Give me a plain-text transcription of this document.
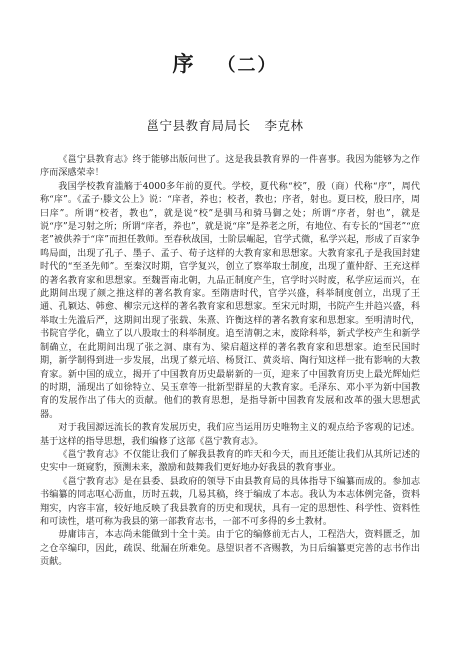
序 （二）
邕宁县教育局局长 李克林

《邕宁县教育志》终于能够出版问世了。这是我县教育界的一件喜事。我因为能够为之作序而深感荣幸！

我国学校教育滥觞于4000多年前的夏代。学校，夏代称“校”，殷（商）代称“序”，周代称“庠”。《孟子·滕文公上》说：“庠者，养也；校者，教也；序者，射也。夏曰校，殷曰序，周曰庠”。所谓“校者，教也”，就是说“校”是驯马和骑马御之处；所谓“序者，射也”，就是说“序”是习射之所；所谓“庠者，养也”，就是说“庠”是养老之所，有地位、有专长的“国老”“庶老”被供养于“庠”而担任教师。至春秋战国，士阶层崛起，官学式微，私学兴起，形成了百家争鸣局面，出现了孔子、墨子、孟子、荀子这样的大教育家和思想家。大教育家孔子是我国封建时代的“至圣先师”。至秦汉时期，官学复兴，创立了察举取士制度，出现了董仲舒、王充这样的著名教育家和思想家。至魏晋南北朝，九品正制度产生，官学时兴时废，私学应运而兴，在此期间出现了颜之推这样的著名教育家。至隋唐时代，官学兴盛，科举制度创立，出现了王通、孔颖达、韩愈、柳宗元这样的著名教育家和思想家。至宋元时期，书院产生并趋兴盛，科举取士先滥后严，这期间出现了张载、朱熹、许衡这样的著名教育家和思想家。至明清时代，书院官学化，确立了以八股取士的科举制度。追至清朝之末，废除科举，新式学校产生和新学制确立，在此期间出现了张之洞、康有为、梁启超这样的著名教育家和思想家。迨至民国时期，新学制得到进一步发展，出现了蔡元培、杨贤江、黄炎培、陶行知这样一批有影响的大教育家。新中国的成立，揭开了中国教育历史最崭新的一页，迎来了中国教育历史上最光辉灿烂的时期，涌现出了如徐特立、吴玉章等一批新型群星的大教育家。毛泽东、邓小平为新中国教育的发展作出了伟大的贡献。他们的教育思想，是指导新中国教育发展和改革的强大思想武器。

对于我国源远流长的教育发展历史，我们应当运用历史唯物主义的观点给予客观的记述。基于这样的指导思想，我们编修了这部《邕宁教育志》。

《邕宁教育志》不仅能让我们了解我县教育的昨天和今天，而且还能让我们从其所记述的史实中一斑窥豹，预测未来，激励和鼓舞我们更好地办好我县的教育事业。

《邕宁教育志》是在县委、县政府的领导下由县教育局的具体指导下编纂而成的。参加志书编纂的同志呕心沥血，历时五载，几易其稿，终于编成了本志。我认为本志体例完备，资料翔实，内容丰富，较好地反映了我县教育的历史和现状，具有一定的思想性、科学性、资料性和可读性，堪可称为我县的第一部教育志书，一部不可多得的乡土教材。

毋庸讳言，本志尚未能做到十全十美。由于它的编修前无古人，工程浩大，资料匮乏，加之仓卒编印，因此，疏误、纰漏在所难免。恳望识者不吝赐教，为日后编纂更完善的志书作出贡献。
